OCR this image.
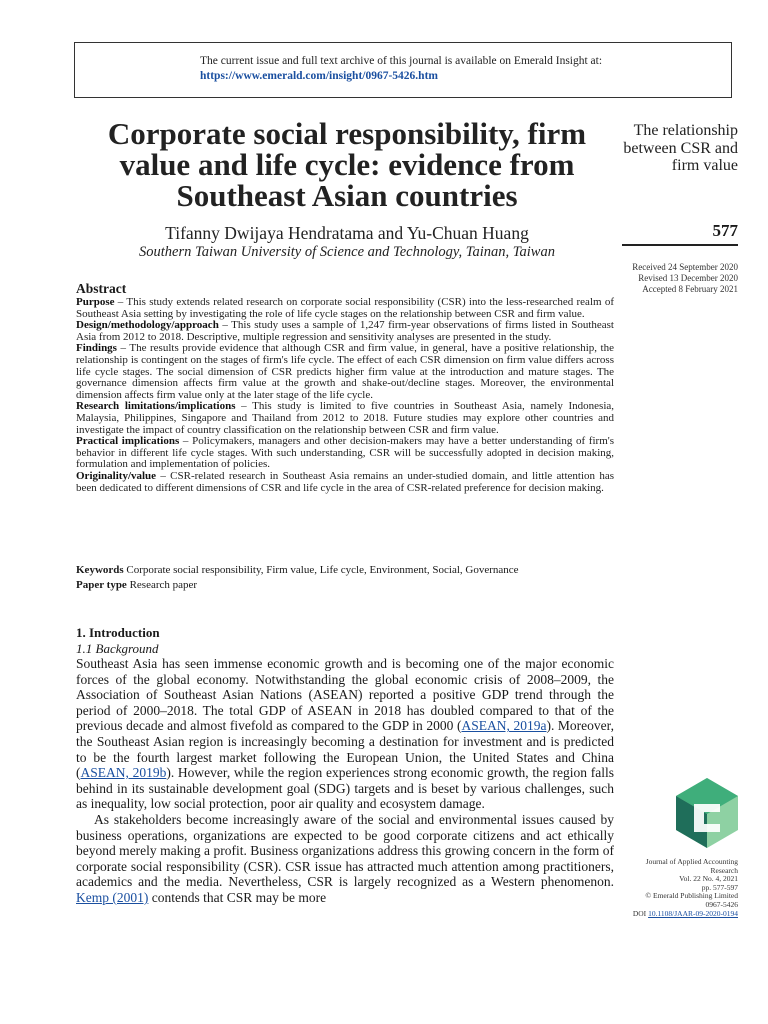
The current issue and full text archive of this journal is available on Emerald Insight at:
https://www.emerald.com/insight/0967-5426.htm
Corporate social responsibility, firm value and life cycle: evidence from Southeast Asian countries
Tifanny Dwijaya Hendratama and Yu-Chuan Huang
Southern Taiwan University of Science and Technology, Tainan, Taiwan
The relationship between CSR and firm value
577
Received 24 September 2020
Revised 13 December 2020
Accepted 8 February 2021
Abstract

Purpose – This study extends related research on corporate social responsibility (CSR) into the less-researched realm of Southeast Asia setting by investigating the role of life cycle stages on the relationship between CSR and firm value.

Design/methodology/approach – This study uses a sample of 1,247 firm-year observations of firms listed in Southeast Asia from 2012 to 2018. Descriptive, multiple regression and sensitivity analyses are presented in the study.

Findings – The results provide evidence that although CSR and firm value, in general, have a positive relationship, the relationship is contingent on the stages of firm's life cycle. The effect of each CSR dimension on firm value differs across life cycle stages. The social dimension of CSR predicts higher firm value at the introduction and mature stages. The governance dimension affects firm value at the growth and shake-out/decline stages. Moreover, the environmental dimension affects firm value only at the later stage of the life cycle.

Research limitations/implications – This study is limited to five countries in Southeast Asia, namely Indonesia, Malaysia, Philippines, Singapore and Thailand from 2012 to 2018. Future studies may explore other countries and investigate the impact of country classification on the relationship between CSR and firm value.

Practical implications – Policymakers, managers and other decision-makers may have a better understanding of firm's behavior in different life cycle stages. With such understanding, CSR will be successfully adopted in decision making, formulation and implementation of policies.

Originality/value – CSR-related research in Southeast Asia remains an under-studied domain, and little attention has been dedicated to different dimensions of CSR and life cycle in the area of CSR-related preference for decision making.

Keywords Corporate social responsibility, Firm value, Life cycle, Environment, Social, Governance

Paper type Research paper

1. Introduction
1.1 Background

Southeast Asia has seen immense economic growth and is becoming one of the major economic forces of the global economy. Notwithstanding the global economic crisis of 2008–2009, the Association of Southeast Asian Nations (ASEAN) reported a positive GDP trend through the period of 2000–2018. The total GDP of ASEAN in 2018 has doubled compared to that of the previous decade and almost fivefold as compared to the GDP in 2000 (ASEAN, 2019a). Moreover, the Southeast Asian region is increasingly becoming a destination for investment and is predicted to be the fourth largest market following the European Union, the United States and China (ASEAN, 2019b). However, while the region experiences strong economic growth, the region falls behind in its sustainable development goal (SDG) targets and is beset by various challenges, such as inequality, low social protection, poor air quality and ecosystem damage.

As stakeholders become increasingly aware of the social and environmental issues caused by business operations, organizations are expected to be good corporate citizens and act ethically beyond merely making a profit. Business organizations address this growing concern in the form of corporate social responsibility (CSR). CSR issue has attracted much attention among practitioners, academics and the media. Nevertheless, CSR is largely recognized as a Western phenomenon. Kemp (2001) contends that CSR may be more

Journal of Applied Accounting Research
Vol. 22 No. 4, 2021
pp. 577-597
© Emerald Publishing Limited
0967-5426
DOI 10.1108/JAAR-09-2020-0194
